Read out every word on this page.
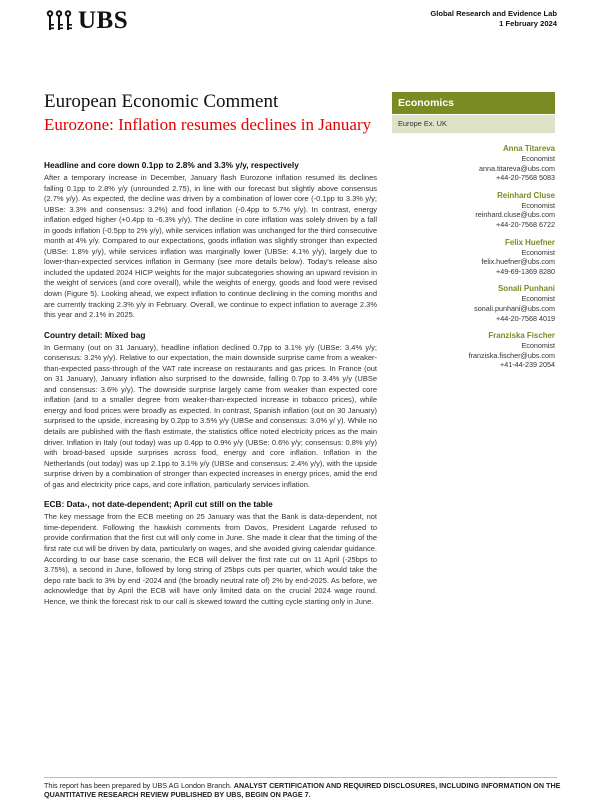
UBS	Global Research and Evidence Lab
1 February 2024
European Economic Comment
Eurozone: Inflation resumes declines in January
Headline and core down 0.1pp to 2.8% and 3.3% y/y, respectively

After a temporary increase in December, January flash Eurozone inflation resumed its declines falling 0.1pp to 2.8% y/y (unrounded 2.75), in line with our forecast but slightly above consensus (2.7% y/y). As expected, the decline was driven by a combination of lower core (-0.1pp to 3.3% y/y; UBSe: 3.3% and consensus: 3.2%) and food inflation (-0.4pp to 5.7% y/y). In contrast, energy inflation edged higher (+0.4pp to -6.3% y/y). The decline in core inflation was solely driven by a fall in goods inflation (-0.5pp to 2% y/y), while services inflation was unchanged for the third consecutive month at 4% y/y. Compared to our expectations, goods inflation was slightly stronger than expected (UBSe: 1.8% y/y), while services inflation was marginally lower (UBSe: 4.1% y/y), largely due to lower-than-expected services inflation in Germany (see more details below). Today's release also included the updated 2024 HICP weights for the major subcategories showing an upward revision in the weight of services (and core overall), while the weights of energy, goods and food were revised down (Figure 5). Looking ahead, we expect inflation to continue declining in the coming months and are currently tracking 2.3% y/y in February. Overall, we continue to expect inflation to average 2.3% this year and 2.1% in 2025.

Country detail: Mixed bag

In Germany (out on 31 January), headline inflation declined 0.7pp to 3.1% y/y (UBSe: 3.4% y/y; consensus: 3.2% y/y). Relative to our expectation, the main downside surprise came from a weaker-than-expected pass-through of the VAT rate increase on restaurants and gas prices. In France (out on 31 January), January inflation also surprised to the downside, falling 0.7pp to 3.4% y/y (UBSe and consensus: 3.6% y/y). The downside surprise largely came from weaker than expected core inflation (and to a smaller degree from weaker-than-expected increase in tobacco prices), while energy and food prices were broadly as expected. In contrast, Spanish inflation (out on 30 January) surprised to the upside, increasing by 0.2pp to 3.5% y/y (UBSe and consensus: 3.0% y/ y). While no details are published with the flash estimate, the statistics office noted electricity prices as the main driver. Inflation in Italy (out today) was up 0.4pp to 0.9% y/y (UBSe: 0.6% y/y; consensus: 0.8% y/y) with broad-based upside surprises across food, energy and core inflation. Inflation in the Netherlands (out today) was up 2.1pp to 3.1% y/y (UBSe and consensus: 2.4% y/y), with the upside surprise driven by a combination of stronger than expected increases in energy prices, amid the end of gas and electricity price caps, and core inflation, particularly services inflation.

ECB: Data-, not date-dependent; April cut still on the table

The key message from the ECB meeting on 25 January was that the Bank is data-dependent, not time-dependent. Following the hawkish comments from Davos, President Lagarde refused to provide confirmation that the first cut will only come in June. She made it clear that the timing of the first rate cut will be driven by data, particularly on wages, and she avoided giving calendar guidance. According to our base case scenario, the ECB will deliver the first rate cut on 11 April (-25bps to 3.75%), a second in June, followed by long string of 25bps cuts per quarter, which would take the depo rate back to 3% by end -2024 and (the broadly neutral rate of) 2% by end-2025. As before, we acknowledge that by April the ECB will have only limited data on the crucial 2024 wage round. Hence, we think the forecast risk to our call is skewed toward the cutting cycle starting only in June.

Economics
Europe Ex. UK
Anna Titareva
Economist
anna.titareva@ubs.com
+44-20-7568 5083
Reinhard Cluse
Economist
reinhard.cluse@ubs.com
+44-20-7568 6722
Felix Huefner
Economist
felix.huefner@ubs.com
+49-69-1369 8280
Sonali Punhani
Economist
sonali.punhani@ubs.com
+44-20-7568 4019
Franziska Fischer
Economist
franziska.fischer@ubs.com
+41-44-239 2054
This report has been prepared by UBS AG London Branch. ANALYST CERTIFICATION AND REQUIRED DISCLOSURES, INCLUDING INFORMATION ON THE QUANTITATIVE RESEARCH REVIEW PUBLISHED BY UBS, BEGIN ON PAGE 7.
